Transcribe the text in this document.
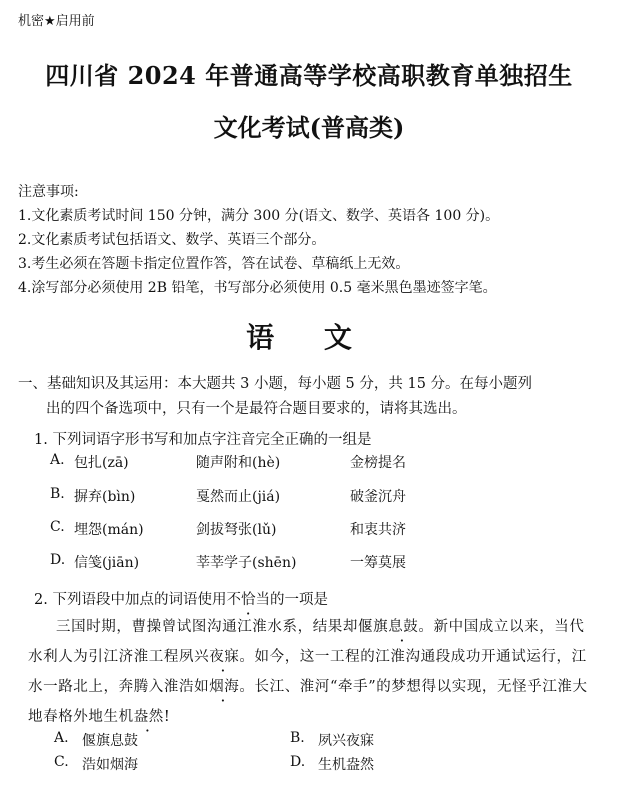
机密★启用前
四川省 2024 年普通高等学校高职教育单独招生
文化考试(普高类)
注意事项:
1.文化素质考试时间 150 分钟，满分 300 分(语文、数学、英语各 100 分)。
2.文化素质考试包括语文、数学、英语三个部分。
3.考生必须在答题卡指定位置作答，答在试卷、草稿纸上无效。
4.涂写部分必须使用 2B 铅笔，书写部分必须使用 0.5 毫米黑色墨迹签字笔。
语 文
一、基础知识及其运用：本大题共 3 小题，每小题 5 分，共 15 分。在每小题列
出的四个备选项中，只有一个是最符合题目要求的，请将其选出。
1. 下列词语字形书写和加点字注音完全正确的一组是
A. 包扎(zā)	随声附和(hè)	金榜提名
B. 摒弃(bìn)	戛然而止(jiá)	破釜沉舟
C. 埋怨(mán)	剑拔弩张(lǔ)	和衷共济
D. 信笺(jiān)	莘莘学子(shēn)	一筹莫展
2. 下列语段中加点的词语使用不恰当的一项是
三国时期，曹操曾试图沟通江淮水系，结果却偃旗息鼓。新中国成立以来，当代水利人为引江济淮工程夙兴夜寐。如今，这一工程的江淮沟通段成功开通试运行，江水一路北上，奔腾入淮浩如烟海。长江、淮河“牵手”的梦想得以实现，无怪乎江淮大地春格外地生机盎然!
A. 偃旗息鼓	B. 夙兴夜寐
C. 浩如烟海	D. 生机盎然
